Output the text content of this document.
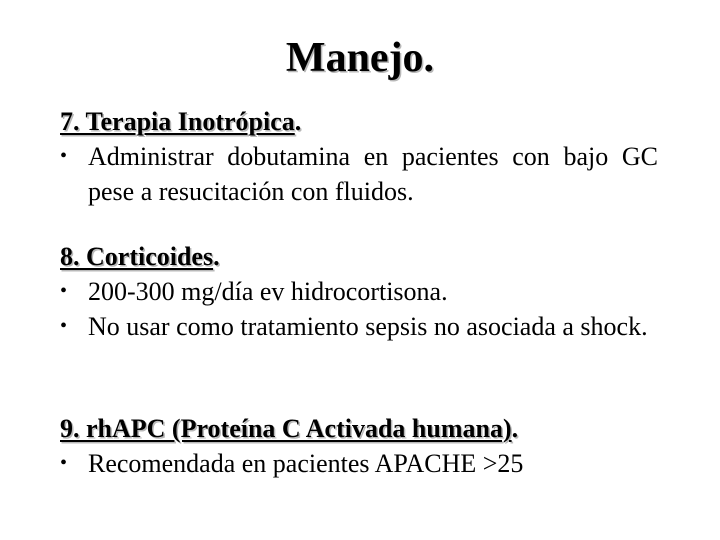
Manejo.
7. Terapia Inotrópica.
• Administrar dobutamina en pacientes con bajo GC pese a resucitación con fluidos.
8. Corticoides.
• 200-300 mg/día ev hidrocortisona.
• No usar como tratamiento sepsis no asociada a shock.
9. rhAPC (Proteína C Activada humana).
• Recomendada en pacientes APACHE >25
